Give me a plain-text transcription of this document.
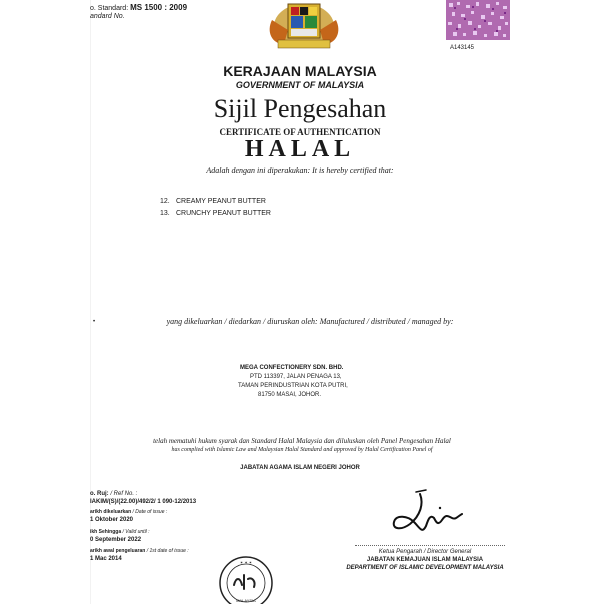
o. Standard: MS 1500 : 2009
andard No.
A143145
KERAJAAN MALAYSIA
GOVERNMENT OF MALAYSIA
Sijil Pengesahan
CERTIFICATE OF AUTHENTICATION
HALAL
Adalah dengan ini diperakukan: It is hereby certified that:
12. CREAMY PEANUT BUTTER
13. CRUNCHY PEANUT BUTTER
•	yang dikeluarkan / diedarkan / diuruskan oleh: Manufactured / distributed / managed by:
MEGA CONFECTIONERY SDN. BHD.
PTD 113397, JALAN PENAGA 13,
TAMAN PERINDUSTRIAN KOTA PUTRI,
81750 MASAI, JOHOR.
telah mematuhi hukum syarak dan Standard Halal Malaysia dan diluluskan oleh Panel Pengesahan Halal
has complied with Islamic Law and Malaysian Halal Standard and approved by Halal Certification Panel of
JABATAN AGAMA ISLAM NEGERI JOHOR
o. Ruj: / Ref No. :
IAKIM/(S)/(22.00)/492/2/ 1 090-12/2013
arikh dikeluarkan / Date of issue :
1 Oktober 2020
ikh Sehingga / Valid until :
0 September 2022
arikh awal pengeluaran / 1st date of issue :
1 Mac 2014
Ketua Pengarah / Director General
JABATAN KEMAJUAN ISLAM MALAYSIA
DEPARTMENT OF ISLAMIC DEVELOPMENT MALAYSIA
✶ ✶ ✶
MALAYSIA
